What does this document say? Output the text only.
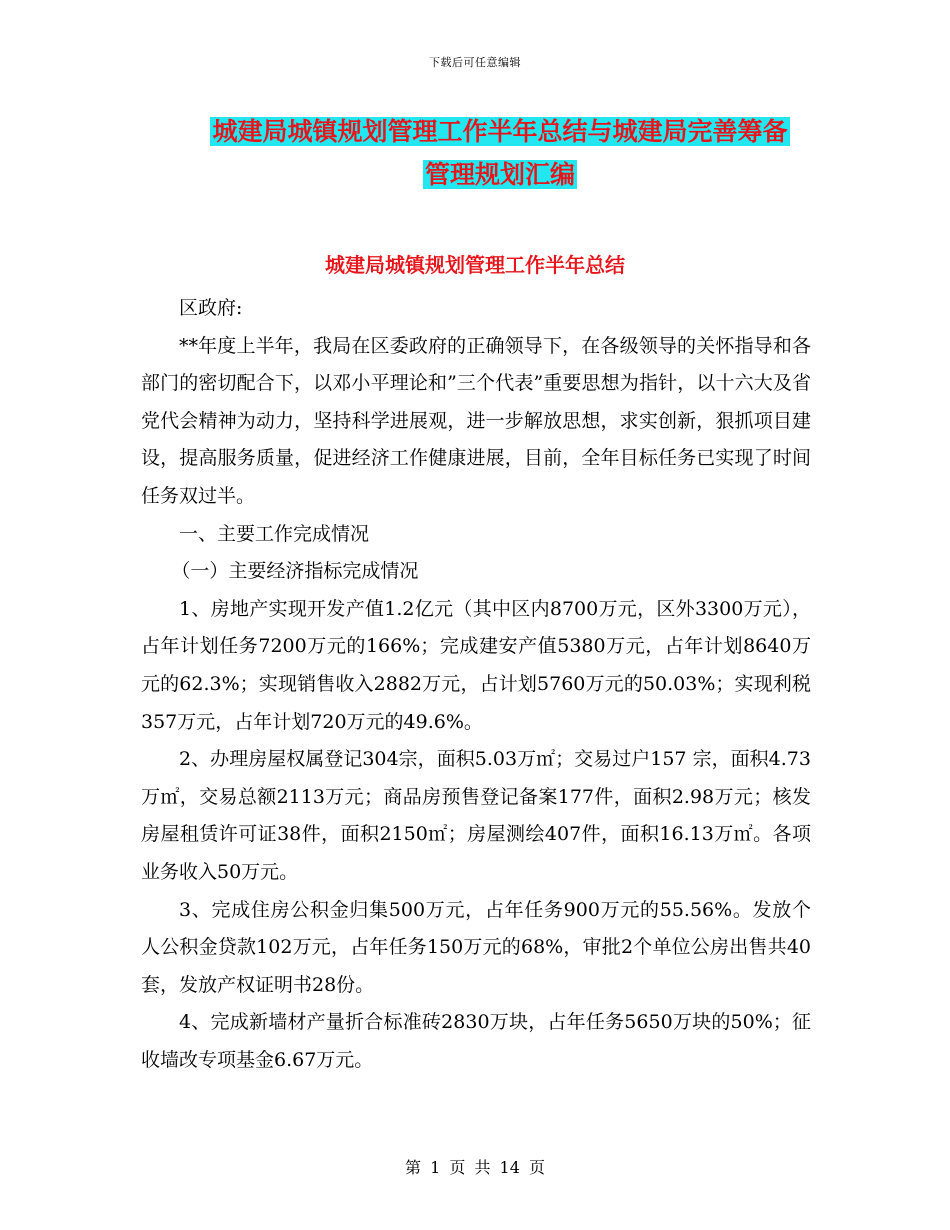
下载后可任意编辑
城建局城镇规划管理工作半年总结与城建局完善筹备
管理规划汇编
城建局城镇规划管理工作半年总结

区政府:

**年度上半年，我局在区委政府的正确领导下，在各级领导的关怀指导和各部门的密切配合下，以邓小平理论和”三个代表”重要思想为指针，以十六大及省党代会精神为动力，坚持科学进展观，进一步解放思想，求实创新，狠抓项目建设，提高服务质量，促进经济工作健康进展，目前，全年目标任务已实现了时间任务双过半。

一、主要工作完成情况

（一）主要经济指标完成情况

1、房地产实现开发产值1.2亿元（其中区内8700万元，区外3300万元），占年计划任务7200万元的166%；完成建安产值5380万元，占年计划8640万元的62.3%；实现销售收入2882万元，占计划5760万元的50.03%；实现利税357万元，占年计划720万元的49.6%。

2、办理房屋权属登记304宗，面积5.03万㎡；交易过户157 宗，面积4.73万㎡，交易总额2113万元；商品房预售登记备案177件，面积2.98万元；核发房屋租赁许可证38件，面积2150㎡；房屋测绘407件，面积16.13万㎡。各项业务收入50万元。

3、完成住房公积金归集500万元，占年任务900万元的55.56%。发放个人公积金贷款102万元，占年任务150万元的68%，审批2个单位公房出售共40套，发放产权证明书28份。

4、完成新墙材产量折合标准砖2830万块，占年任务5650万块的50%；征收墙改专项基金6.67万元。

第 1 页 共 14 页
